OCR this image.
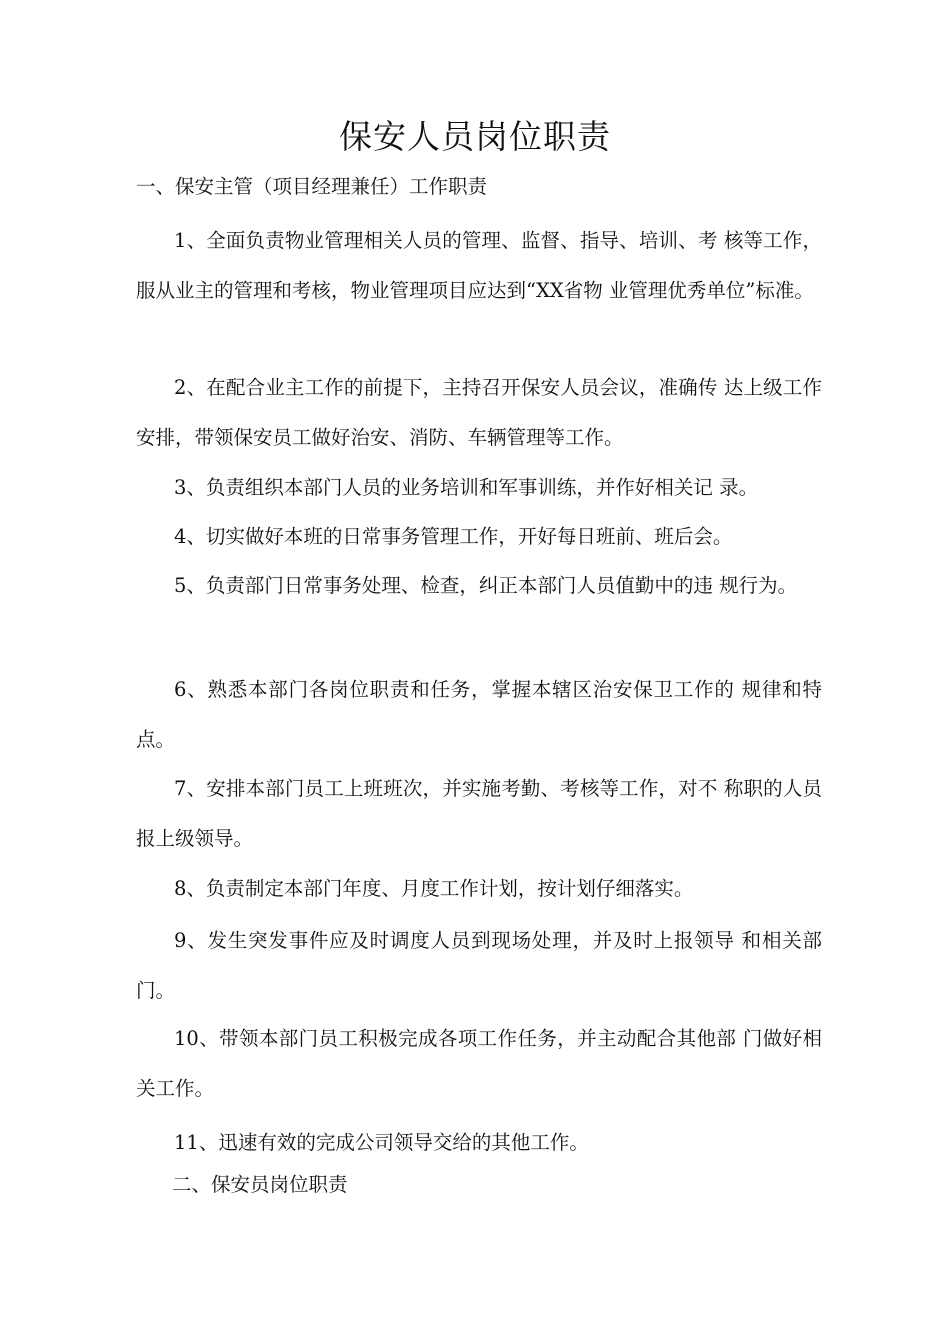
保安人员岗位职责

一、保安主管（项目经理兼任）工作职责

1、全面负责物业管理相关人员的管理、监督、指导、培训、考 核等工作，服从业主的管理和考核，物业管理项目应达到“XX省物 业管理优秀单位”标准。

2、在配合业主工作的前提下，主持召开保安人员会议，准确传 达上级工作安排，带领保安员工做好治安、消防、车辆管理等工作。

3、负责组织本部门人员的业务培训和军事训练，并作好相关记 录。

4、切实做好本班的日常事务管理工作，开好每日班前、班后会。

5、负责部门日常事务处理、检查，纠正本部门人员值勤中的违 规行为。

6、熟悉本部门各岗位职责和任务，掌握本辖区治安保卫工作的 规律和特点。

7、安排本部门员工上班班次，并实施考勤、考核等工作，对不 称职的人员报上级领导。

8、负责制定本部门年度、月度工作计划，按计划仔细落实。

9、发生突发事件应及时调度人员到现场处理，并及时上报领导 和相关部门。

10、带领本部门员工积极完成各项工作任务，并主动配合其他部 门做好相关工作。

11、迅速有效的完成公司领导交给的其他工作。

二、保安员岗位职责
